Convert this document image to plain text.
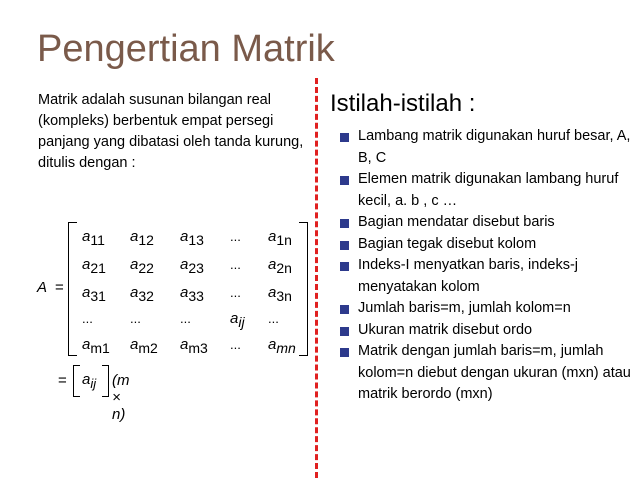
Pengertian Matrik
Matrik adalah susunan bilangan real (kompleks) berbentuk empat persegi panjang yang dibatasi oleh tanda kurung, ditulis dengan :
Istilah-istilah :
Lambang matrik digunakan huruf besar, A, B, C
Elemen matrik digunakan lambang huruf kecil, a. b , c …
Bagian mendatar disebut baris
Bagian tegak disebut kolom
Indeks-I menyatkan baris, indeks-j menyatakan kolom
Jumlah baris=m, jumlah kolom=n
Ukuran matrik disebut ordo
Matrik dengan jumlah baris=m, jumlah kolom=n diebut dengan ukuran (mxn) atau matrik berordo (mxn)
A =
a11 a12 a13 ... a1n
a21 a22 a23 ... a2n
a31 a32 a33 ... a3n
...	...	...	aij ...
am1 am2 am3 ... amn
= aij (m × n)
